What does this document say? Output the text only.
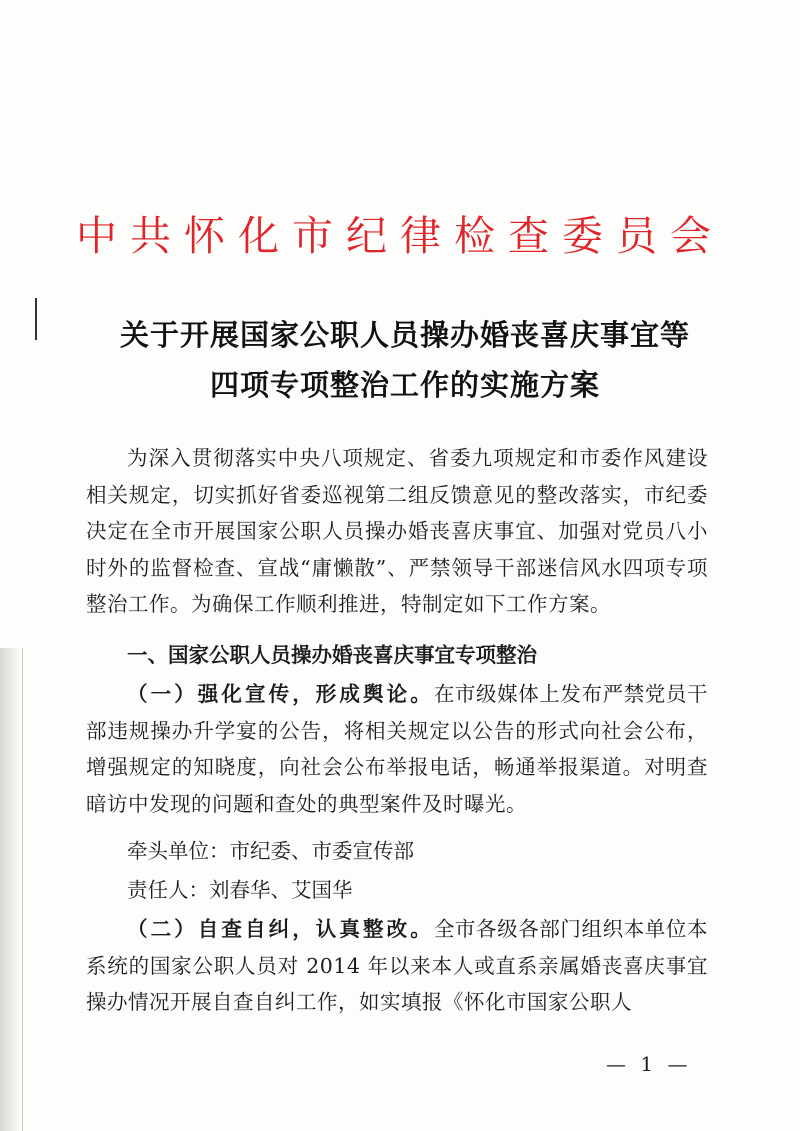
中共怀化市纪律检查委员会
关于开展国家公职人员操办婚丧喜庆事宜等
四项专项整治工作的实施方案
为深入贯彻落实中央八项规定、省委九项规定和市委作风建设相关规定，切实抓好省委巡视第二组反馈意见的整改落实，市纪委决定在全市开展国家公职人员操办婚丧喜庆事宜、加强对党员八小时外的监督检查、宣战“庸懒散”、严禁领导干部迷信风水四项专项整治工作。为确保工作顺利推进，特制定如下工作方案。
一、国家公职人员操办婚丧喜庆事宜专项整治
（一）强化宣传，形成舆论。在市级媒体上发布严禁党员干部违规操办升学宴的公告，将相关规定以公告的形式向社会公布，增强规定的知晓度，向社会公布举报电话，畅通举报渠道。对明查暗访中发现的问题和查处的典型案件及时曝光。
牵头单位：市纪委、市委宣传部
责任人：刘春华、艾国华
（二）自查自纠，认真整改。全市各级各部门组织本单位本系统的国家公职人员对 2014 年以来本人或直系亲属婚丧喜庆事宜操办情况开展自查自纠工作，如实填报《怀化市国家公职人
— 1 —
